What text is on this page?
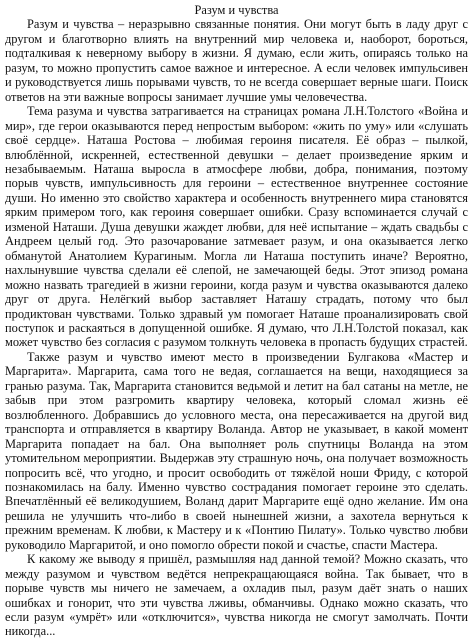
Разум и чувства

Разум и чувства – неразрывно связанные понятия. Они могут быть в ладу друг с другом и благотворно влиять на внутренний мир человека и, наоборот, бороться, подталкивая к неверному выбору в жизни. Я думаю, если жить, опираясь только на разум, то можно пропустить самое важное и интересное. А если человек импульсивен и руководствуется лишь порывами чувств, то не всегда совершает верные шаги. Поиск ответов на эти важные вопросы занимает лучшие умы человечества.

Тема разума и чувства затрагивается на страницах романа Л.Н.Толстого «Война и мир», где герои оказываются перед непростым выбором: «жить по уму» или «слушать своё сердце». Наташа Ростова – любимая героиня писателя. Её образ – пылкой, влюблённой, искренней, естественной девушки – делает произведение ярким и незабываемым. Наташа выросла в атмосфере любви, добра, понимания, поэтому порыв чувств, импульсивность для героини – естественное внутреннее состояние души. Но именно это свойство характера и особенность внутреннего мира становятся ярким примером того, как героиня совершает ошибки. Сразу вспоминается случай с изменой Наташи. Душа девушки жаждет любви, для неё испытание – ждать свадьбы с Андреем целый год. Это разочарование затмевает разум, и она оказывается легко обманутой Анатолием Курагиным. Могла ли Наташа поступить иначе? Вероятно, нахлынувшие чувства сделали её слепой, не замечающей беды. Этот эпизод романа можно назвать трагедией в жизни героини, когда разум и чувства оказываются далеко друг от друга. Нелёгкий выбор заставляет Наташу страдать, потому что был продиктован чувствами. Только здравый ум помогает Наташе проанализировать свой поступок и раскаяться в допущенной ошибке. Я думаю, что Л.Н.Толстой показал, как может чувство без согласия с разумом толкнуть человека в пропасть будущих страстей.

Также разум и чувство имеют место в произведении Булгакова «Мастер и Маргарита». Маргарита, сама того не ведая, соглашается на вещи, находящиеся за гранью разума. Так, Маргарита становится ведьмой и летит на бал сатаны на метле, не забыв при этом разгромить квартиру человека, который сломал жизнь её возлюбленного. Добравшись до условного места, она пересаживается на другой вид транспорта и отправляется в квартиру Воланда. Автор не указывает, в какой момент Маргарита попадает на бал. Она выполняет роль спутницы Воланда на этом утомительном мероприятии. Выдержав эту страшную ночь, она получает возможность попросить всё, что угодно, и просит освободить от тяжёлой ноши Фриду, с которой познакомилась на балу. Именно чувство сострадания помогает героине это сделать. Впечатлённый её великодушием, Воланд дарит Маргарите ещё одно желание. Им она решила не улучшить что-либо в своей нынешней жизни, а захотела вернуться к прежним временам. К любви, к Мастеру и к «Понтию Пилату». Только чувство любви руководило Маргаритой, и оно помогло обрести покой и счастье, спасти Мастера.

К какому же выводу я пришёл, размышляя над данной темой? Можно сказать, что между разумом и чувством ведётся непрекращающаяся война. Так бывает, что в порыве чувств мы ничего не замечаем, а охладив пыл, разум даёт знать о наших ошибках и гонорит, что эти чувства лживы, обманчивы. Однако можно сказать, что если разум «умрёт» или «отключится», чувства никогда не смогут замолчать. Почти никогда...
